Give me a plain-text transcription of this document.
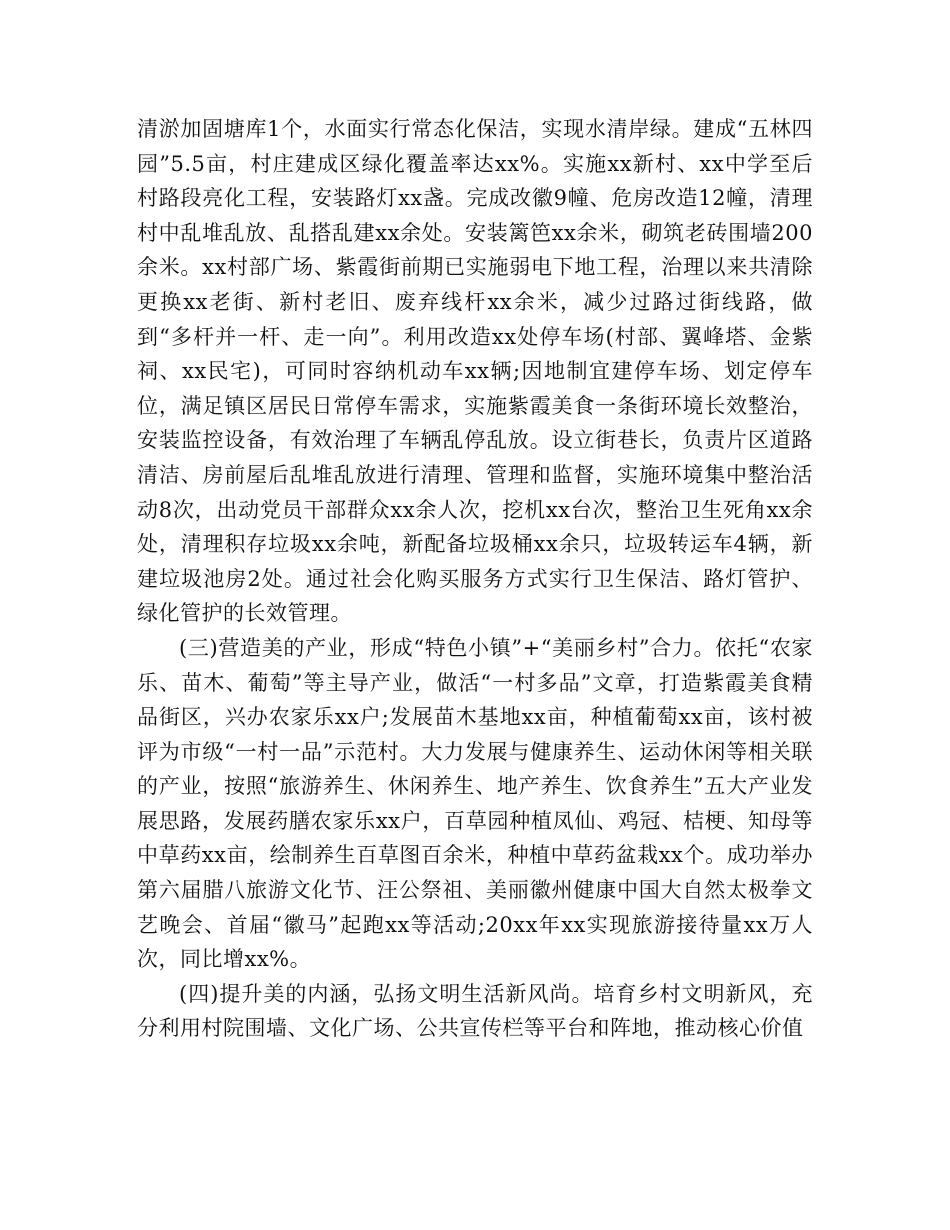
清淤加固塘库1个，水面实行常态化保洁，实现水清岸绿。建成“五林四园”5.5亩，村庄建成区绿化覆盖率达xx%。实施xx新村、xx中学至后村路段亮化工程，安装路灯xx盏。完成改徽9幢、危房改造12幢，清理村中乱堆乱放、乱搭乱建xx余处。安装篱笆xx余米，砌筑老砖围墙200余米。xx村部广场、紫霞街前期已实施弱电下地工程，治理以来共清除更换xx老街、新村老旧、废弃线杆xx余米，减少过路过街线路，做到“多杆并一杆、走一向”。利用改造xx处停车场(村部、翼峰塔、金紫祠、xx民宅)，可同时容纳机动车xx辆;因地制宜建停车场、划定停车位，满足镇区居民日常停车需求，实施紫霞美食一条街环境长效整治，安装监控设备，有效治理了车辆乱停乱放。设立街巷长，负责片区道路清洁、房前屋后乱堆乱放进行清理、管理和监督，实施环境集中整治活动8次，出动党员干部群众xx余人次，挖机xx台次，整治卫生死角xx余处，清理积存垃圾xx余吨，新配备垃圾桶xx余只，垃圾转运车4辆，新建垃圾池房2处。通过社会化购买服务方式实行卫生保洁、路灯管护、绿化管护的长效管理。

(三)营造美的产业，形成“特色小镇”+“美丽乡村”合力。依托“农家乐、苗木、葡萄”等主导产业，做活“一村多品”文章，打造紫霞美食精品街区，兴办农家乐xx户;发展苗木基地xx亩，种植葡萄xx亩，该村被评为市级“一村一品”示范村。大力发展与健康养生、运动休闲等相关联的产业，按照“旅游养生、休闲养生、地产养生、饮食养生”五大产业发展思路，发展药膳农家乐xx户，百草园种植凤仙、鸡冠、桔梗、知母等中草药xx亩，绘制养生百草图百余米，种植中草药盆栽xx个。成功举办第六届腊八旅游文化节、汪公祭祖、美丽徽州健康中国大自然太极拳文艺晚会、首届“徽马”起跑xx等活动;20xx年xx实现旅游接待量xx万人次，同比增xx%。

(四)提升美的内涵，弘扬文明生活新风尚。培育乡村文明新风，充分利用村院围墙、文化广场、公共宣传栏等平台和阵地，推动核心价值
